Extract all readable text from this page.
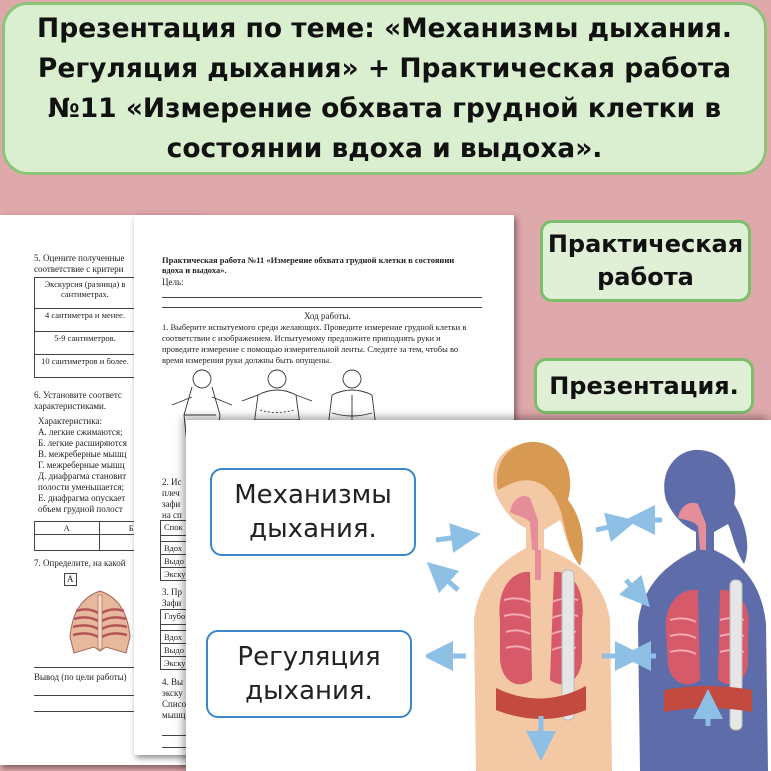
Презентация по теме: «Механизмы дыхания. Регуляция дыхания» + Практическая работа №11 «Измерение обхвата грудной клетки в состоянии вдоха и выдоха».
Практическая работа
Презентация.
5. Оцените полученные
соответствие с критери
Экскурсия (разница) в сантиметрах.	
4 сантиметра и менее.	
5-9 сантиметров.	
10 сантиметров и более.	
6. Установите соответс
характеристиками.
Характеристика:
А. легкие сжимаются;
Б. легкие расширяются
В. межреберные мышц
Г. межреберные мышц
Д. диафрагма становит
полости уменьшается;
Е. диафрагма опускает
объем грудной полост
А	Б

7. Определите, на какой
А
Вывод (по цели работы)
Практическая работа №11 «Измерение обхвата грудной клетки в состоянии вдоха и выдоха».
Цель:
Ход работы.
1. Выберите испытуемого среди желающих. Проведите измерение грудной клетки в соответствии с изображением. Испытуемому предложите приподнять руки и проведите измерение с помощью измерительной ленты. Следите за тем, чтобы во время измерения руки должны быть опущены.
2. Ис
плеч
зафи
на сп
Спок

Вдох
Выдо
Экску
3. Пр
Зафи
Глубо

Вдох
Выдо
Экску
4. Вы
экску
Списо
мышц
Механизмы дыхания.
Регуляция дыхания.
